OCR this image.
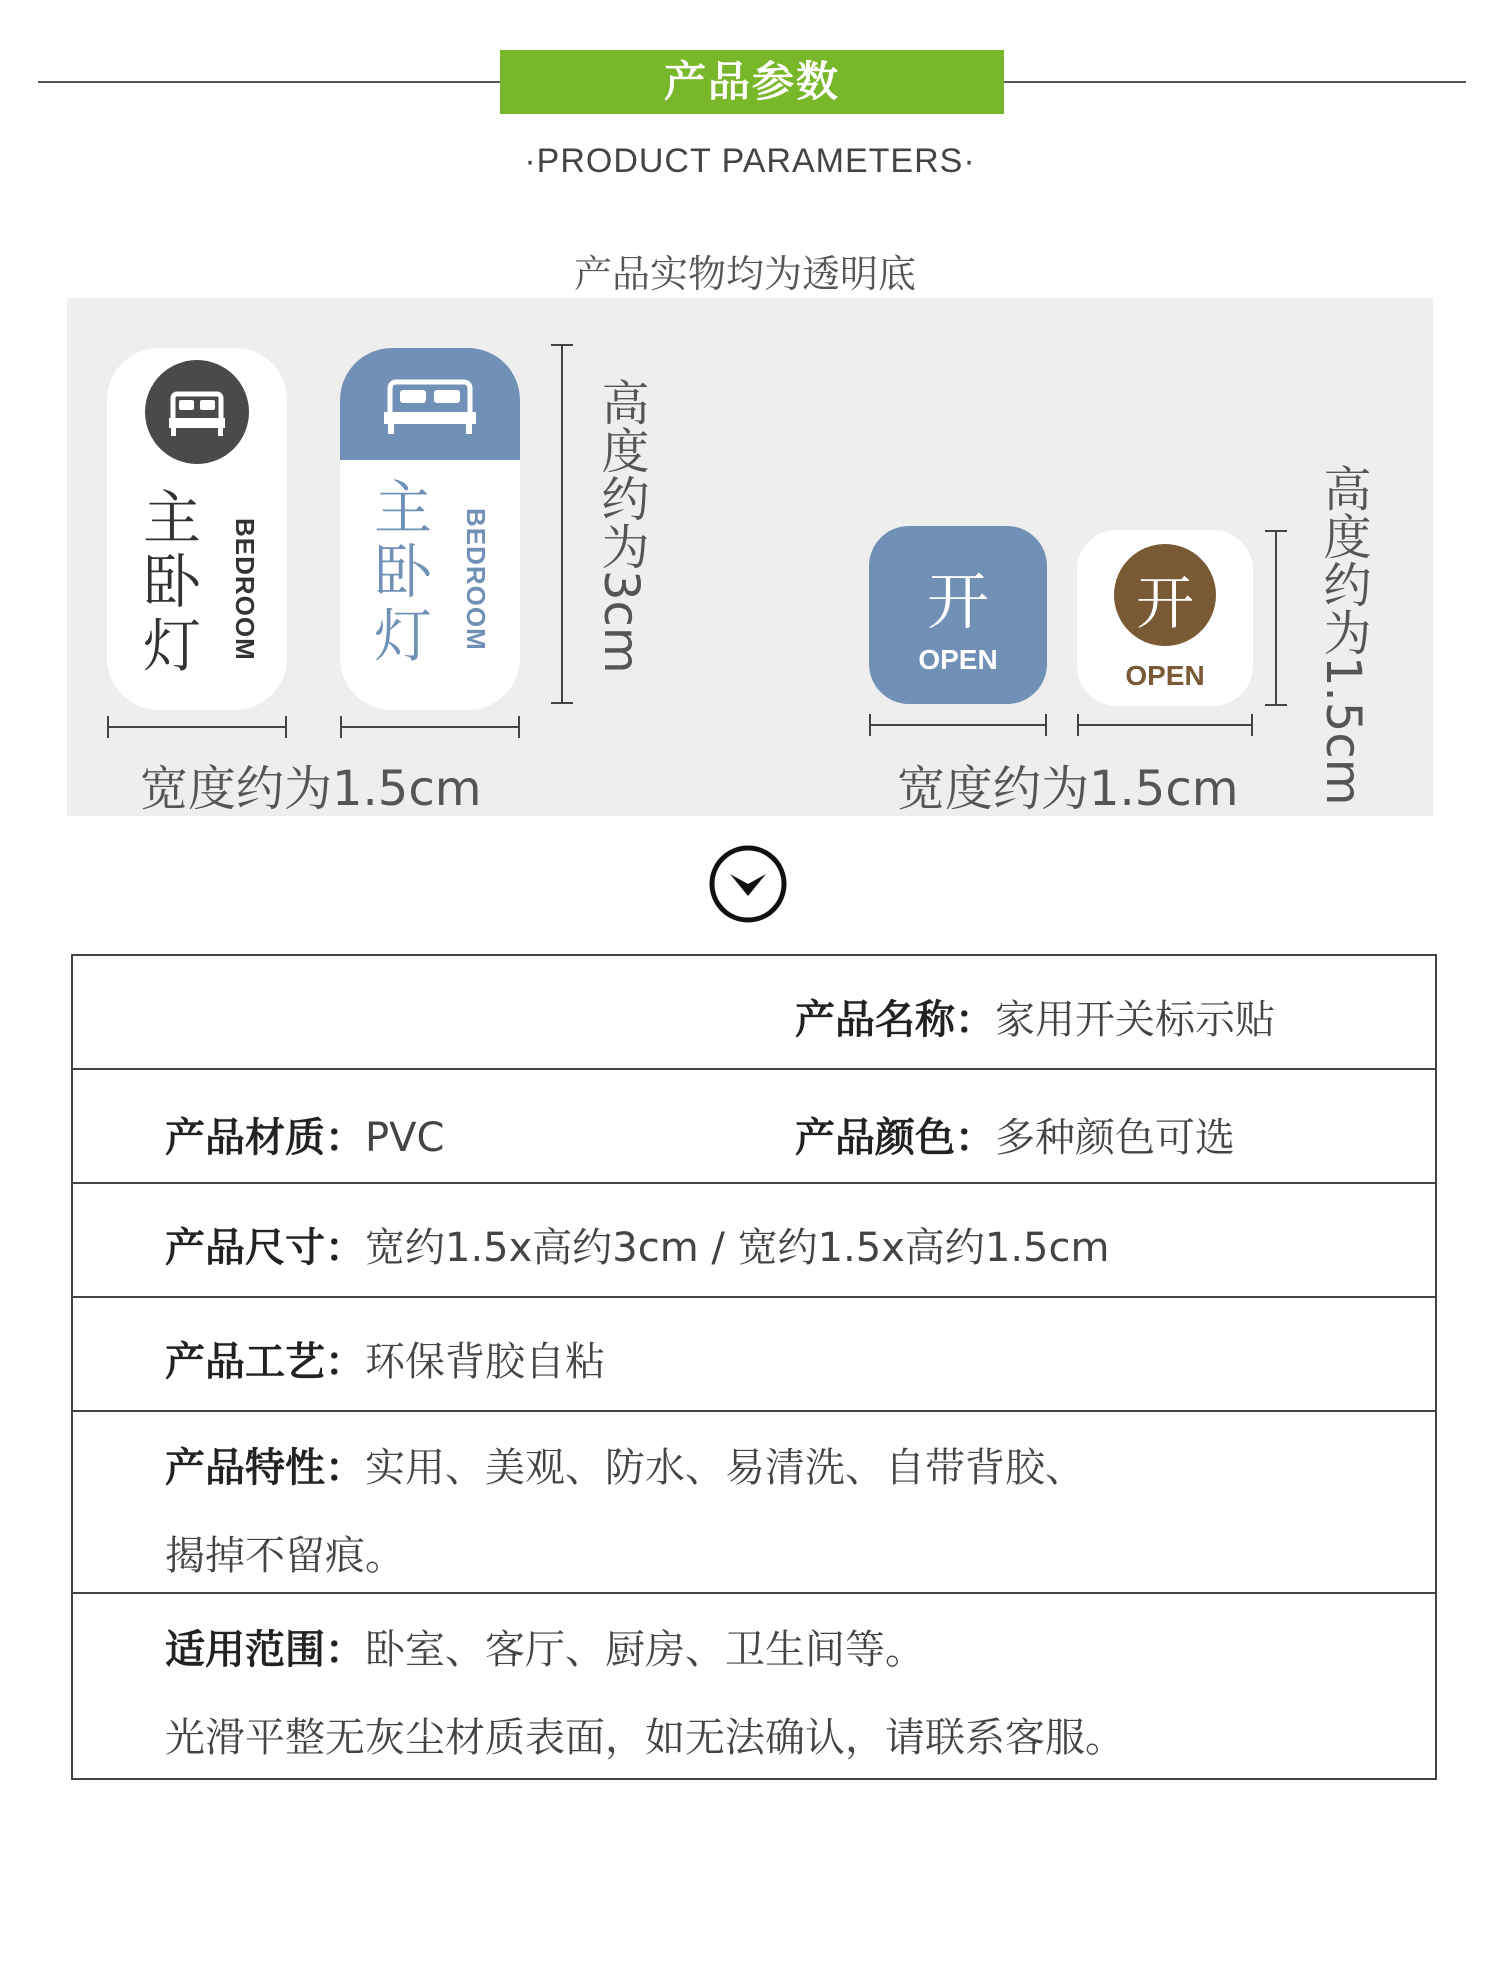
产品参数
·PRODUCT PARAMETERS·
产品实物均为透明底
主
卧
灯 BEDROOM
主
卧
灯 BEDROOM 高度约为3cm
宽度约为1.5cm
开
OPEN
开
OPEN
宽度约为1.5cm 高度约为1.5cm
产品名称：家用开关标示贴
产品材质：PVC	产品颜色：多种颜色可选
产品尺寸：宽约1.5x高约3cm / 宽约1.5x高约1.5cm
产品工艺：环保背胶自粘
产品特性：实用、美观、防水、易清洗、自带背胶、
揭掉不留痕。
适用范围：卧室、客厅、厨房、卫生间等。
光滑平整无灰尘材质表面，如无法确认，请联系客服。
